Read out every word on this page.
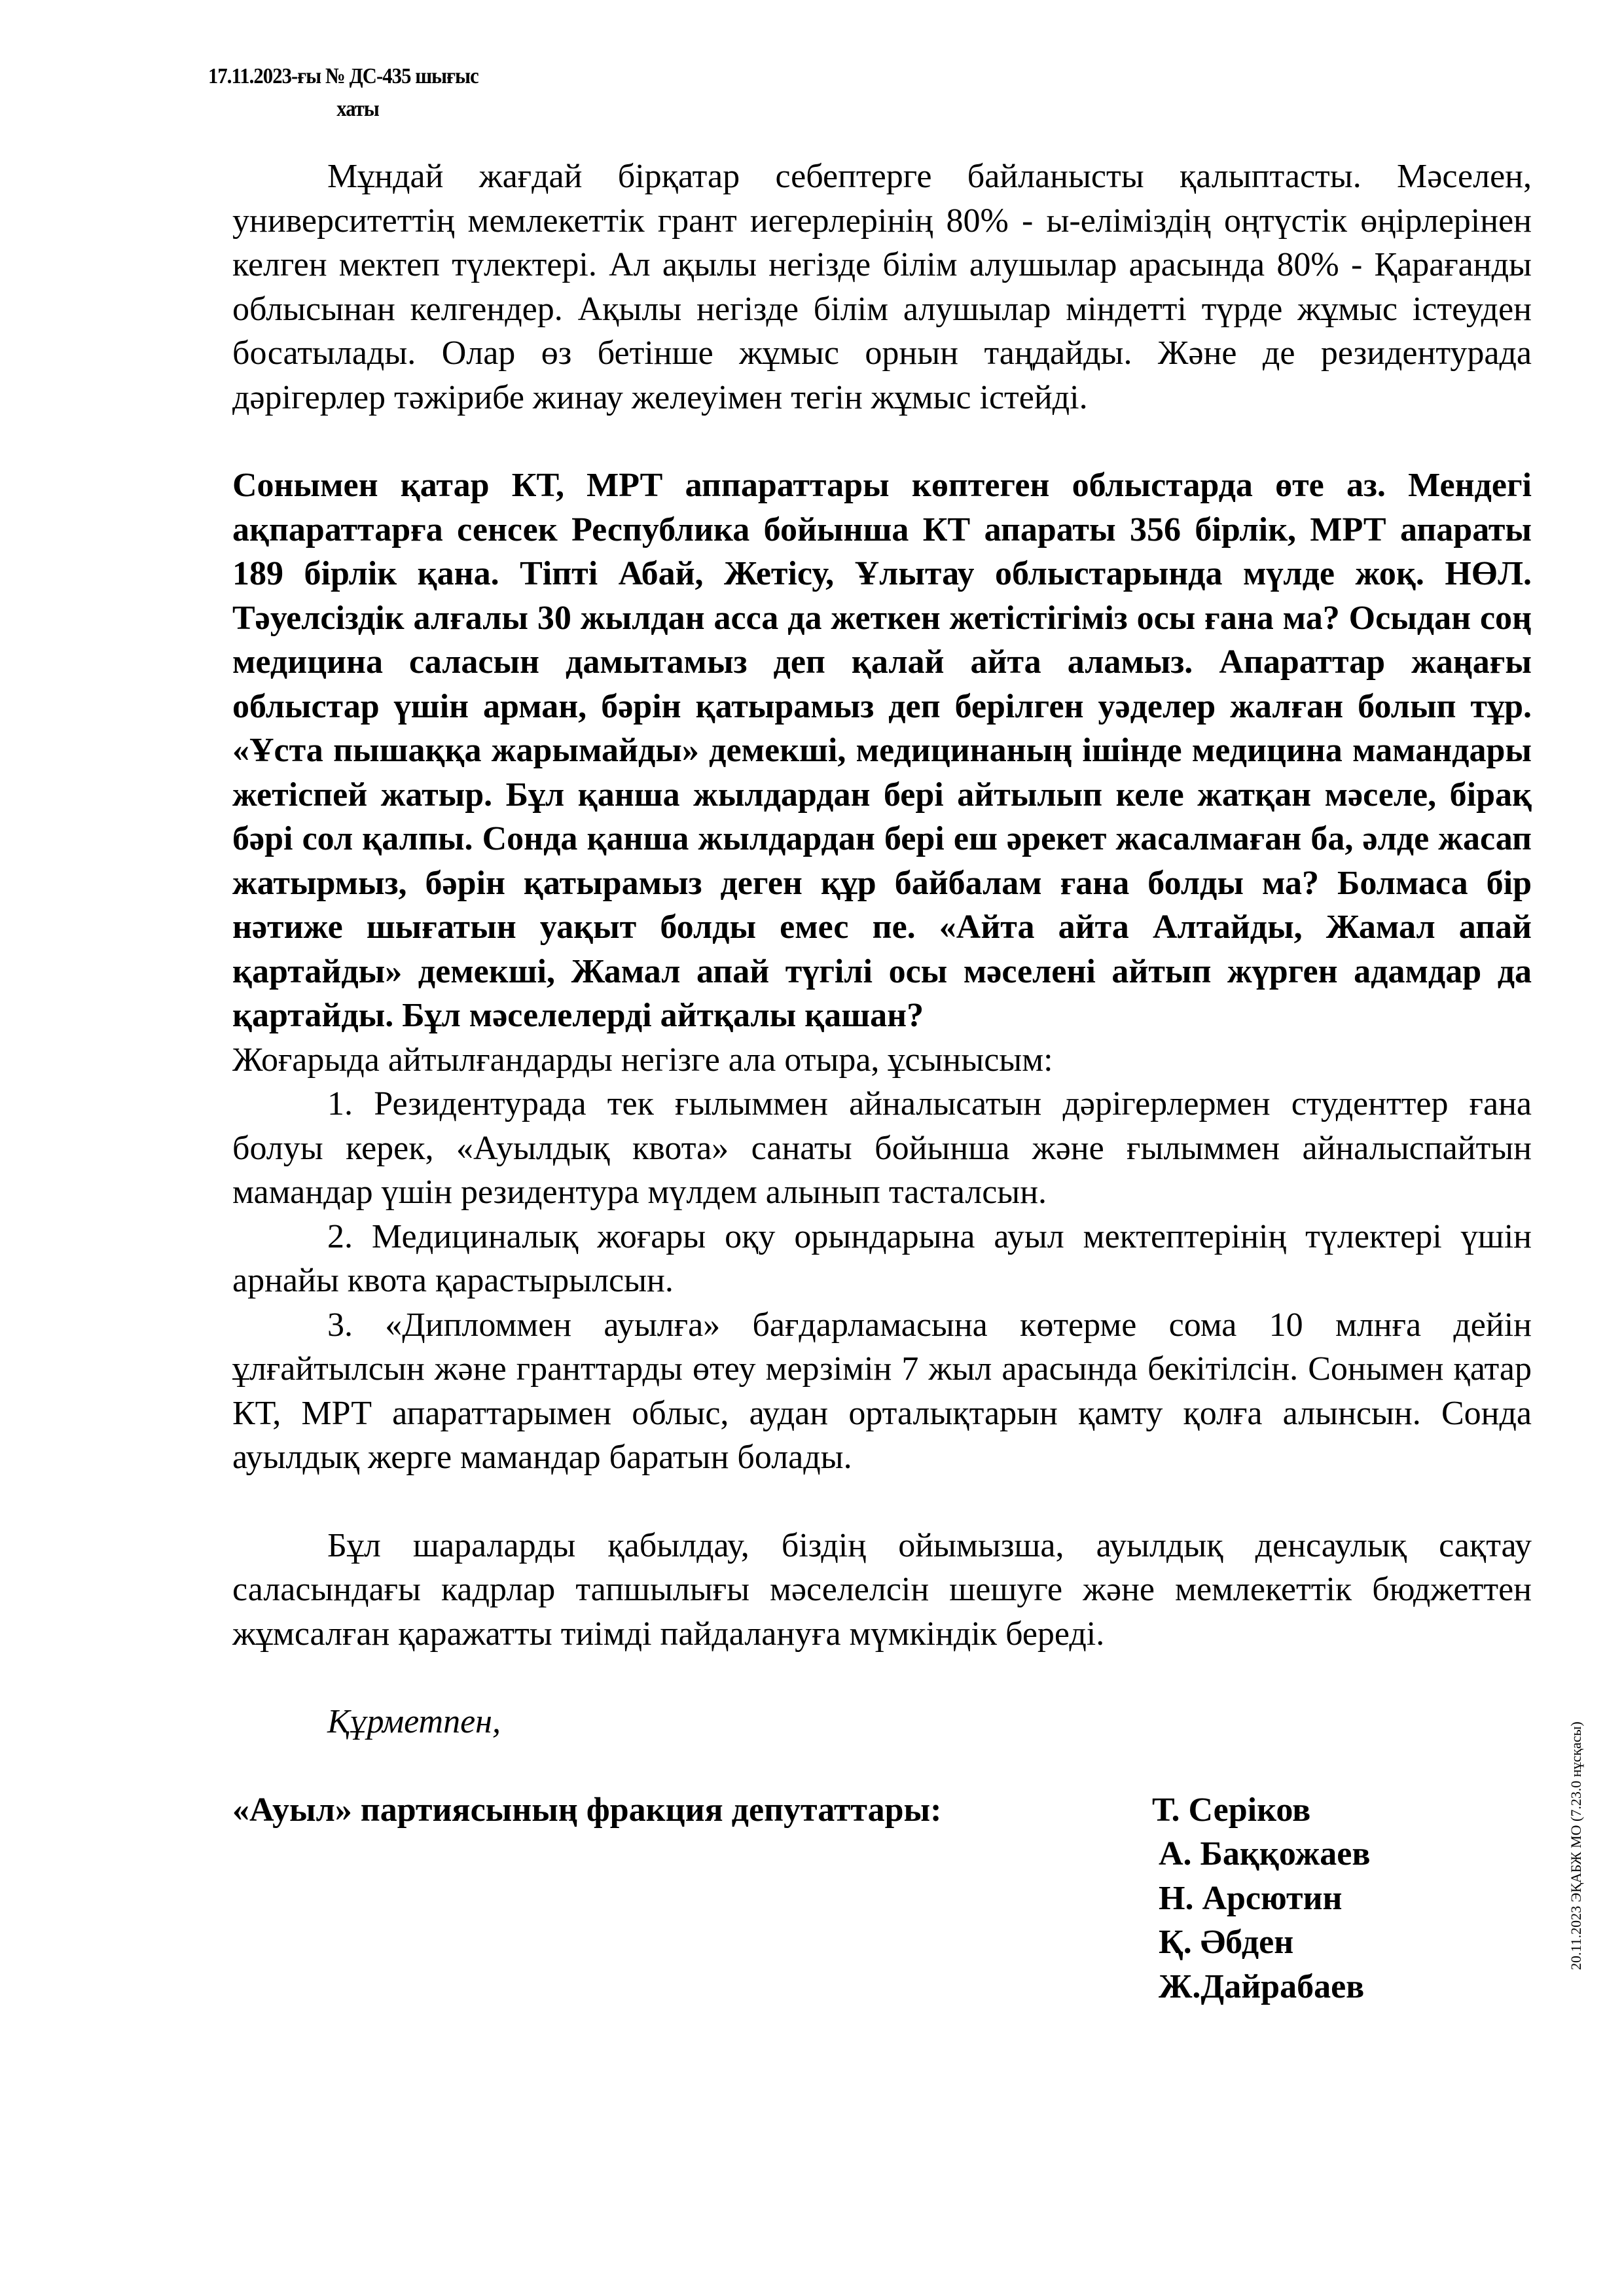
17.11.2023-ғы № ДС-435 шығыс
хаты

Мұндай жағдай бірқатар себептерге байланысты қалыптасты. Мәселен, университеттің мемлекеттік грант иегерлерінің 80% - ы-еліміздің оңтүстік өңірлерінен келген мектеп түлектері. Ал ақылы негізде білім алушылар арасында 80% - Қарағанды облысынан келгендер. Ақылы негізде білім алушылар міндетті түрде жұмыс істеуден босатылады. Олар өз бетінше жұмыс орнын таңдайды. Және де резидентурада дәрігерлер тәжірибе жинау желеуімен тегін жұмыс істейді.

Сонымен қатар КТ, МРТ аппараттары көптеген облыстарда өте аз. Мендегі ақпараттарға сенсек Республика бойынша КТ апараты 356 бірлік, МРТ апараты 189 бірлік қана. Тіпті Абай, Жетісу, Ұлытау облыстарында мүлде жоқ. НӨЛ. Тәуелсіздік алғалы 30 жылдан асса да жеткен жетістігіміз осы ғана ма? Осыдан соң медицина саласын дамытамыз деп қалай айта аламыз. Апараттар жаңағы облыстар үшін арман, бәрін қатырамыз деп берілген уәделер жалған болып тұр. «Ұста пышаққа жарымайды» демекші, медицинаның ішінде медицина мамандары жетіспей жатыр. Бұл қанша жылдардан бері айтылып келе жатқан мәселе, бірақ бәрі сол қалпы. Сонда қанша жылдардан бері еш әрекет жасалмаған ба, әлде жасап жатырмыз, бәрін қатырамыз деген құр байбалам ғана болды ма? Болмаса бір нәтиже шығатын уақыт болды емес пе. «Айта айта Алтайды, Жамал апай қартайды» демекші, Жамал апай түгілі осы мәселені айтып жүрген адамдар да қартайды. Бұл мәселелерді айтқалы қашан?

Жоғарыда айтылғандарды негізге ала отыра, ұсынысым:

1. Резидентурада тек ғылыммен айналысатын дәрігерлермен студенттер ғана болуы керек, «Ауылдық квота» санаты бойынша және ғылыммен айналыспайтын мамандар үшін резидентура мүлдем алынып тасталсын.

2. Медициналық жоғары оқу орындарына ауыл мектептерінің түлектері үшін арнайы квота қарастырылсын.

3. «Дипломмен ауылға» бағдарламасына көтерме сома 10 млнға дейін ұлғайтылсын және гранттарды өтеу мерзімін 7 жыл арасында бекітілсін. Сонымен қатар КТ, МРТ апараттарымен облыс, аудан орталықтарын қамту қолға алынсын. Сонда ауылдық жерге мамандар баратын болады.

Бұл шараларды қабылдау, біздің ойымызша, ауылдық денсаулық сақтау саласындағы кадрлар тапшылығы мәселелсін шешуге және мемлекеттік бюджеттен жұмсалған қаражатты тиімді пайдалануға мүмкіндік береді.

Құрметпен,

«Ауыл» партиясының фракция депутаттары:	Т. Серіков
А. Баққожаев
Н. Арсютин
Қ. Әбден
Ж.Дайрабаев
20.11.2023 ЭҚАБЖ МО (7.23.0 нұсқасы)
